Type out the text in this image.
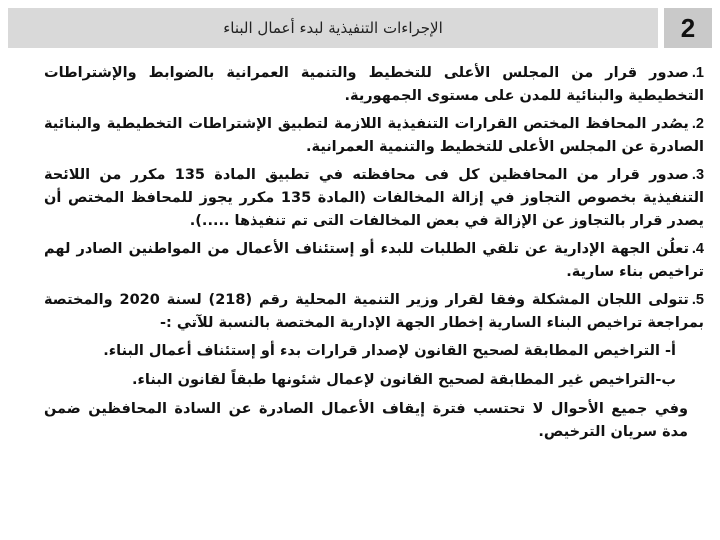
الإجراءات التنفيذية لبدء أعمال البناء	2

1.صدور قرار من المجلس الأعلى للتخطيط والتنمية العمرانية بالضوابط والإشتراطات التخطيطية والبنائية للمدن على مستوى الجمهورية.

2.يصُدر المحافظ المختص القرارات التنفيذية اللازمة لتطبيق الإشتراطات التخطيطية والبنائية الصادرة عن المجلس الأعلى للتخطيط والتنمية العمرانية.

3.صدور قرار من المحافظين كل فى محافظته في تطبيق المادة 135 مكرر من اللائحة التنفيذية بخصوص التجاوز في إزالة المخالفات (المادة 135 مكرر يجوز للمحافظ المختص أن يصدر قرار بالتجاوز عن الإزالة في بعض المخالفات التى تم تنفيذها .....).

4.تعلُن الجهة الإدارية عن تلقي الطلبات للبدء أو إستئناف الأعمال من المواطنين الصادر لهم تراخيص بناء سارية.

5.تتولى اللجان المشكلة وفقا لقرار وزير التنمية المحلية رقم (218) لسنة 2020 والمختصة بمراجعة تراخيص البناء السارية إخطار الجهة الإدارية المختصة بالنسبة للآتي :-

أ- التراخيص المطابقة لصحيح القانون لإصدار قرارات بدء أو إستئناف أعمال البناء.

ب-التراخيص غير المطابقة لصحيح القانون لإعمال شئونها طبقاً لقانون البناء.

وفي جميع الأحوال لا تحتسب فترة إيقاف الأعمال الصادرة عن السادة المحافظين ضمن مدة سريان الترخيص.
